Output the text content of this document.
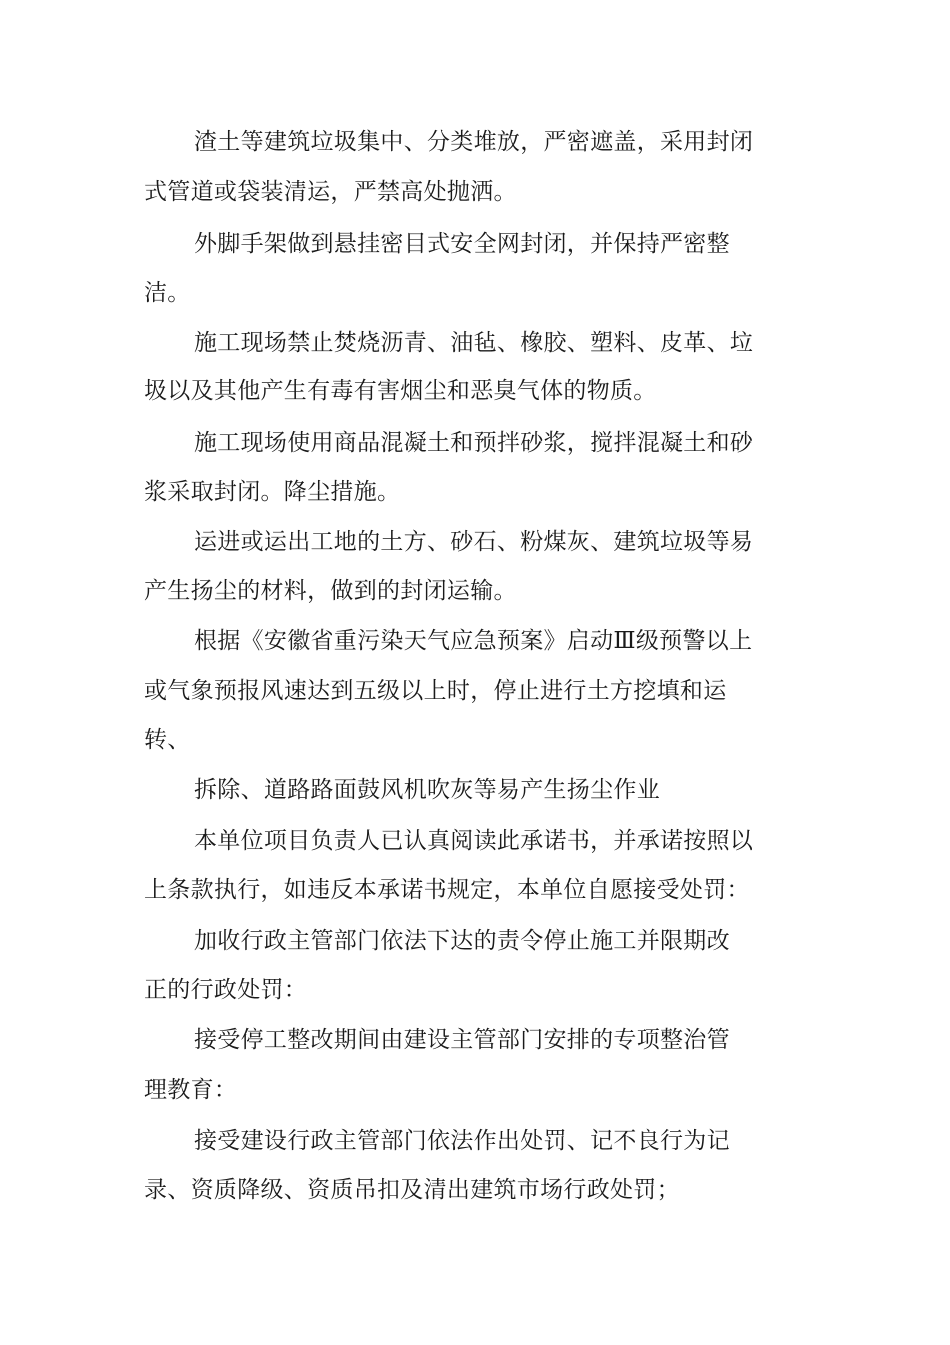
渣土等建筑垃圾集中、分类堆放，严密遮盖，采用封闭
式管道或袋装清运，严禁高处抛洒。
外脚手架做到悬挂密目式安全网封闭，并保持严密整
洁。
施工现场禁止焚烧沥青、油毡、橡胶、塑料、皮革、垃
圾以及其他产生有毒有害烟尘和恶臭气体的物质。
施工现场使用商品混凝土和预拌砂浆，搅拌混凝土和砂
浆采取封闭。降尘措施。
运进或运出工地的土方、砂石、粉煤灰、建筑垃圾等易
产生扬尘的材料，做到的封闭运输。
根据《安徽省重污染天气应急预案》启动Ⅲ级预警以上
或气象预报风速达到五级以上时，停止进行土方挖填和运
转、
拆除、道路路面鼓风机吹灰等易产生扬尘作业
本单位项目负责人已认真阅读此承诺书，并承诺按照以
上条款执行，如违反本承诺书规定，本单位自愿接受处罚：
加收行政主管部门依法下达的责令停止施工并限期改
正的行政处罚：
接受停工整改期间由建设主管部门安排的专项整治管
理教育：
接受建设行政主管部门依法作出处罚、记不良行为记
录、资质降级、资质吊扣及清出建筑市场行政处罚；
